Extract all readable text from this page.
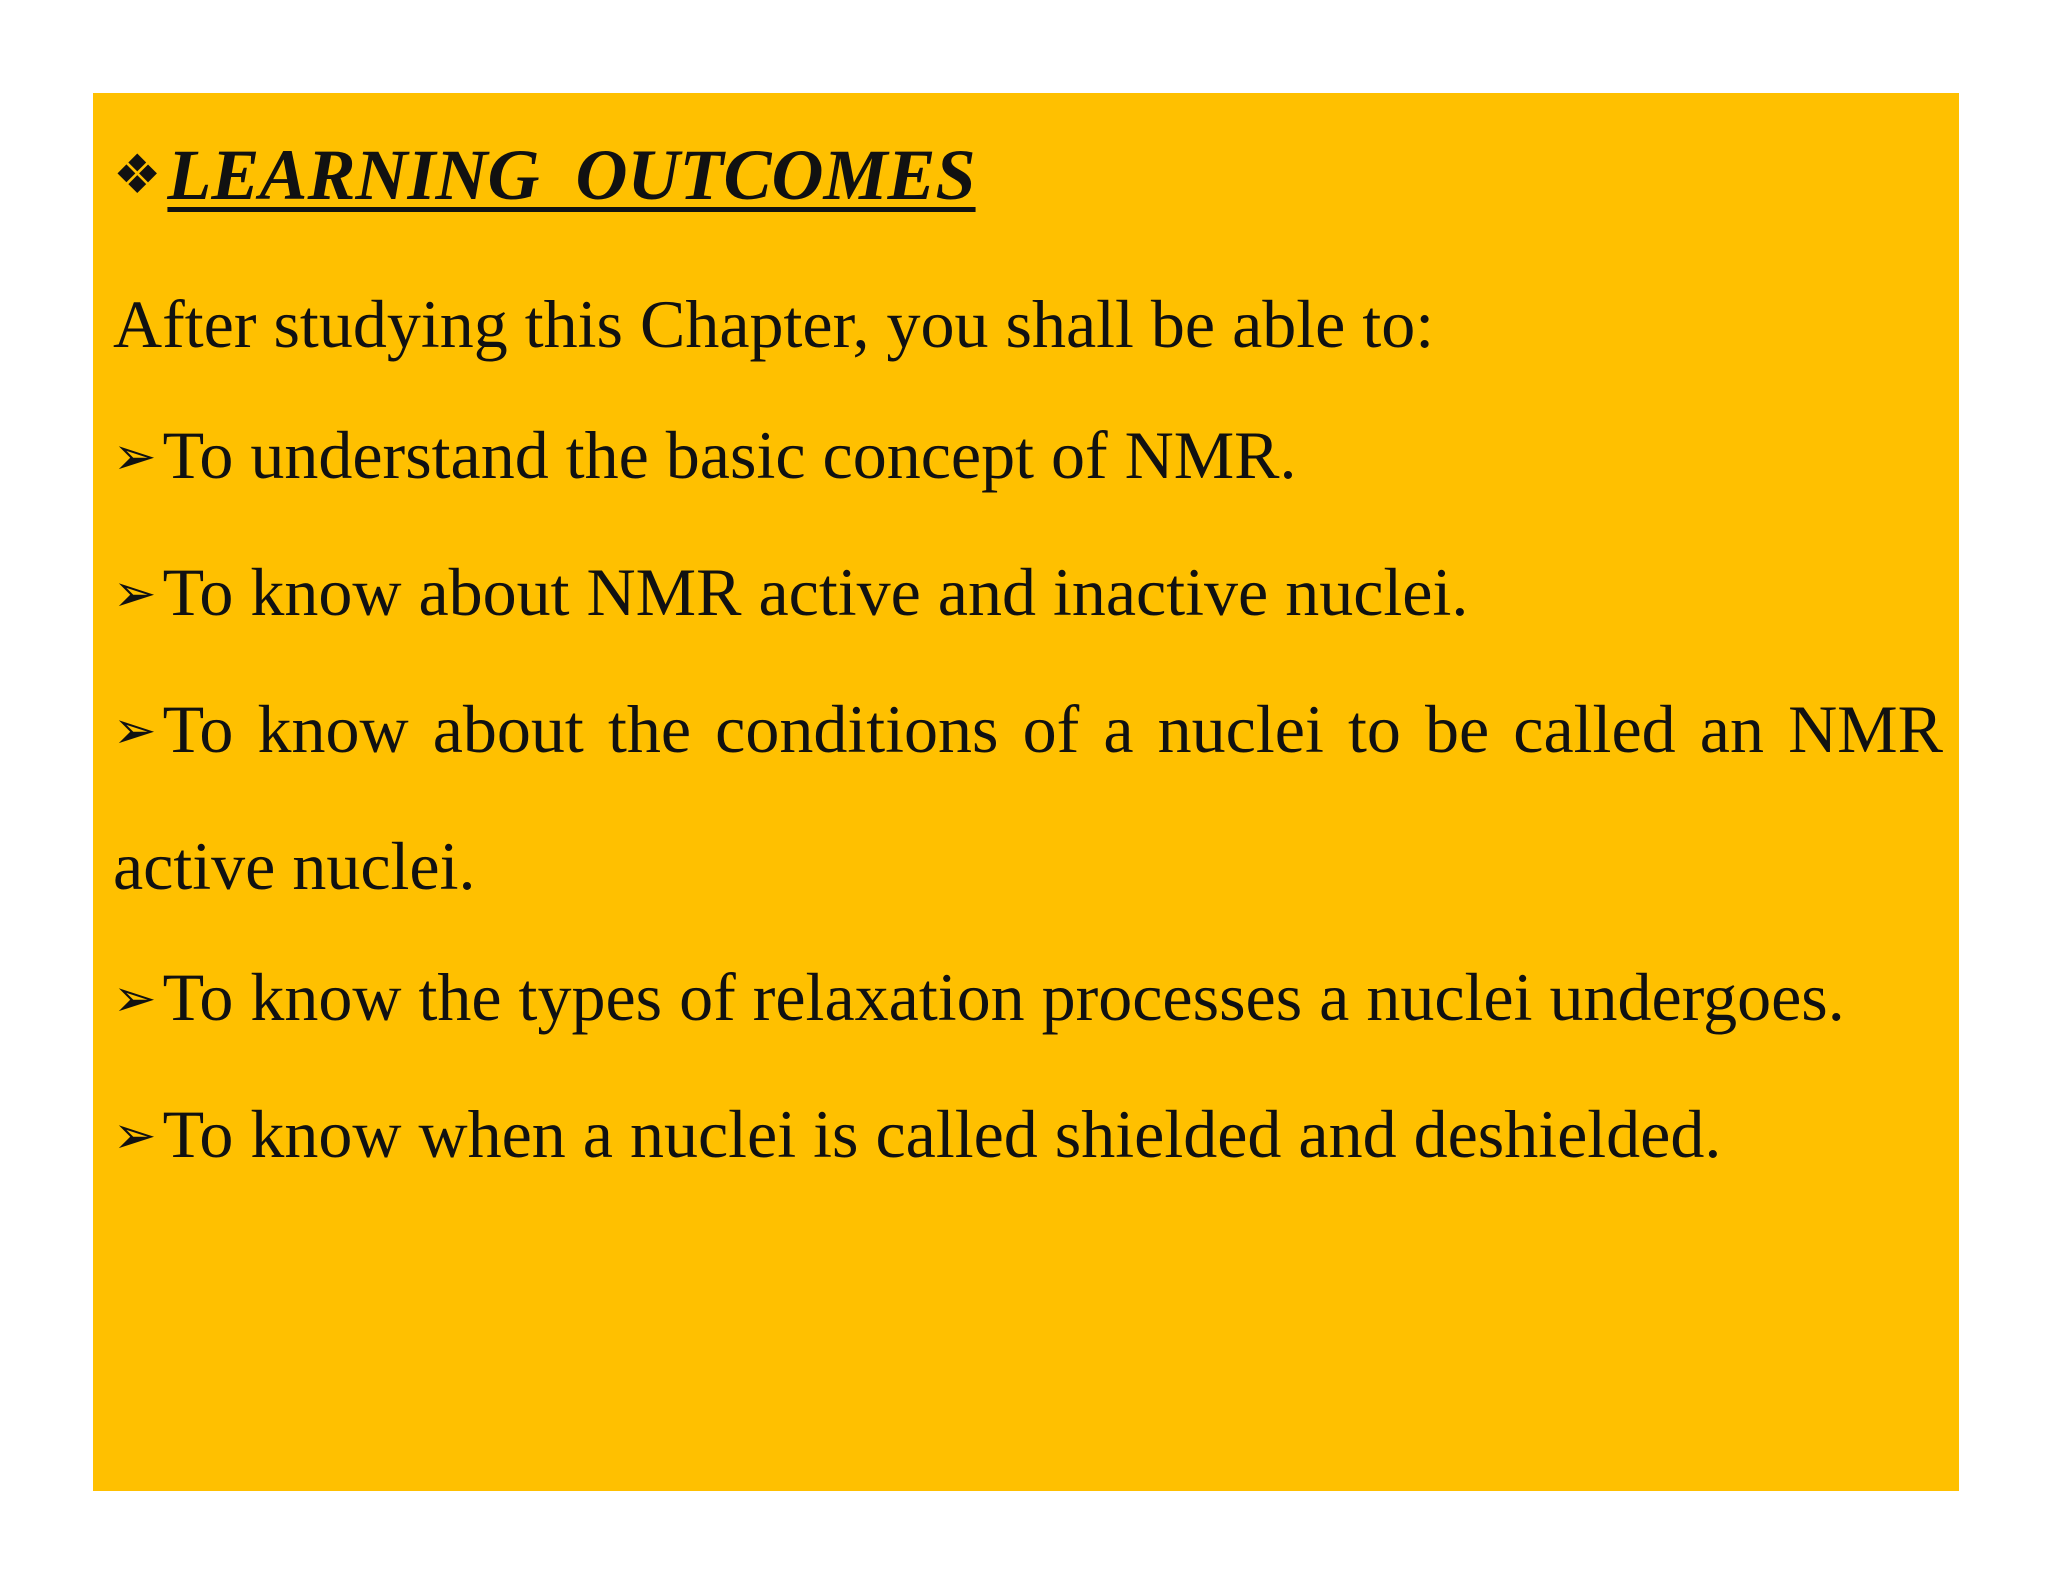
❖ LEARNING OUTCOMES
After studying this Chapter, you shall be able to:
➢To understand the basic concept of NMR.
➢To know about NMR active and inactive nuclei.
➢To know about the conditions of a nuclei to be called an NMR active nuclei.
➢To know the types of relaxation processes a nuclei undergoes.
➢To know when a nuclei is called shielded and deshielded.
